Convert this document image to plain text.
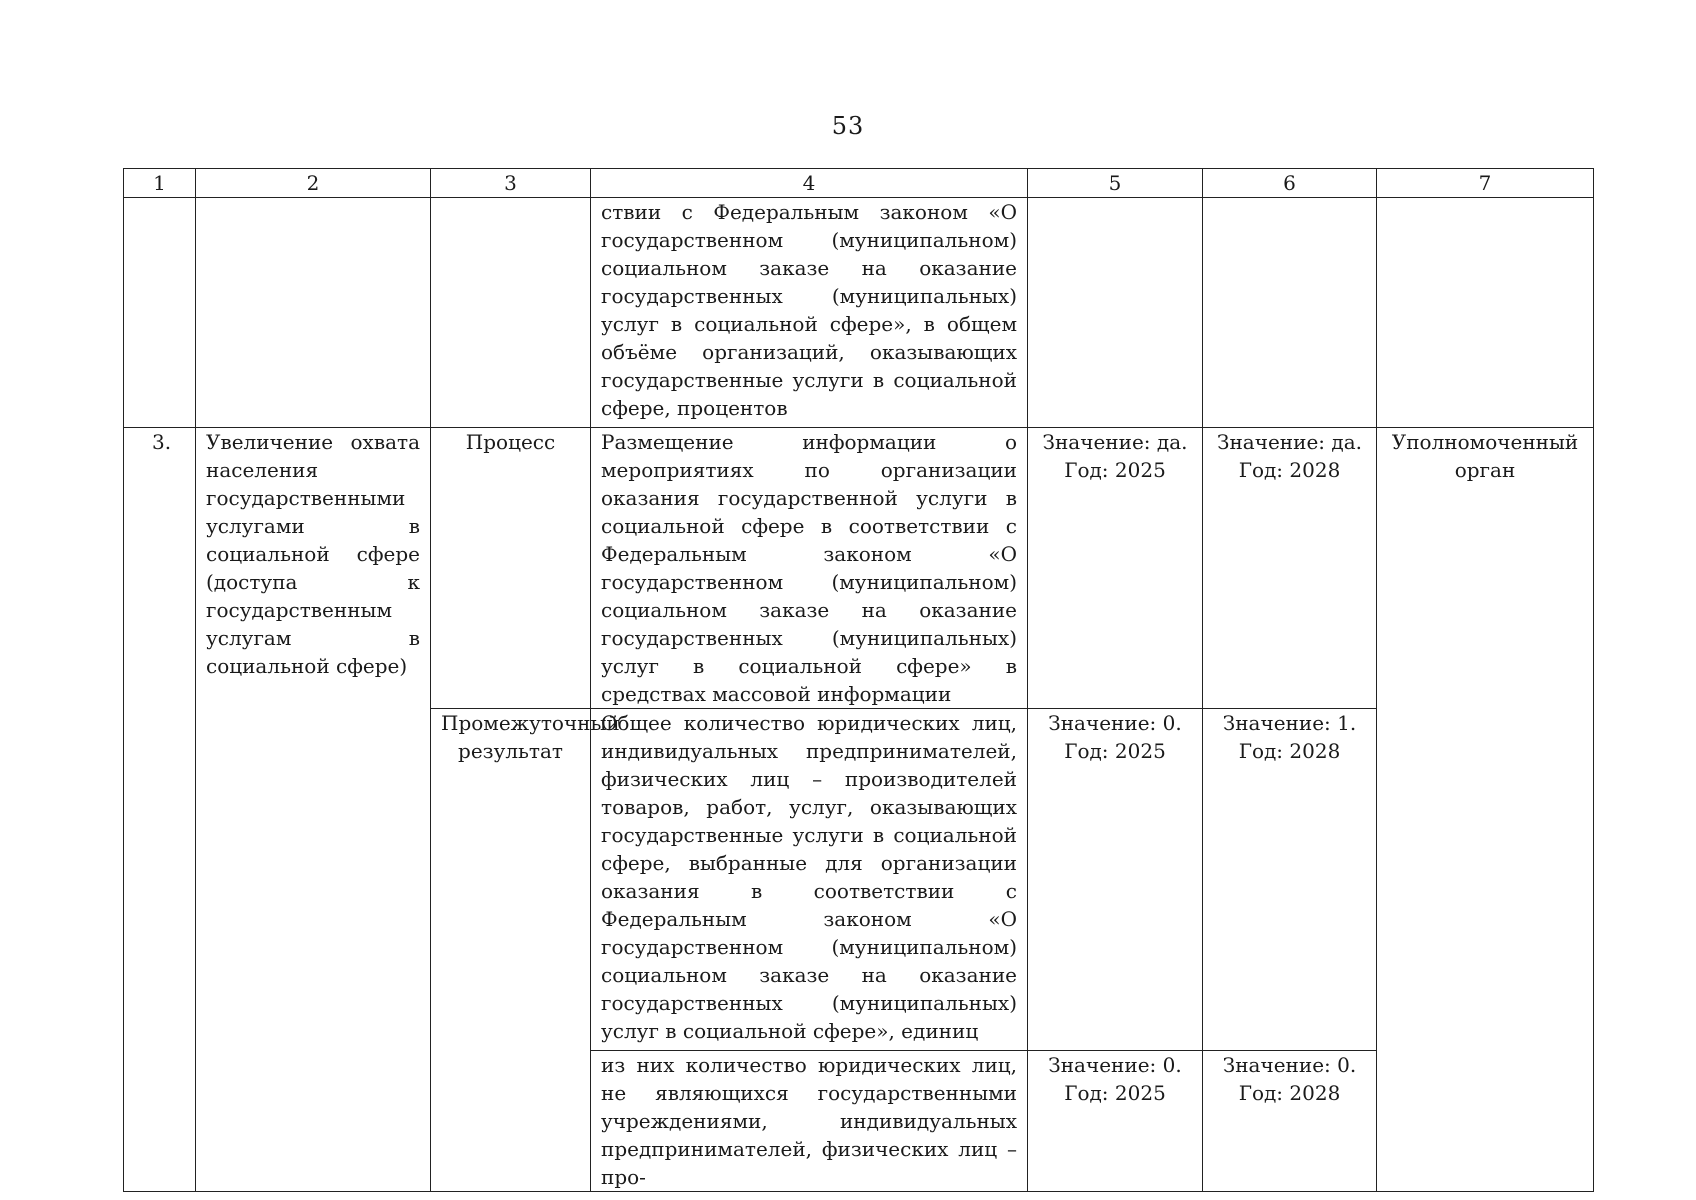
53
1	2	3	4	5	6	7
			ствии с Федеральным законом «О государственном (муниципальном) социальном заказе на оказание государственных (муниципальных) услуг в социальной сфере», в общем объёме организаций, оказывающих государственные услуги в социальной сфере, процентов			
3.	Увеличение охвата населения государственными услугами в социальной сфере (доступа к государственным услугам в социальной сфере)	Процесс	Размещение информации о мероприятиях по организации оказания государственной услуги в социальной сфере в соответствии с Федеральным законом «О государственном (муниципальном) социальном заказе на оказание государственных (муниципальных) услуг в социальной сфере» в средствах массовой информации	Значение: да. Год: 2025	Значение: да. Год: 2028	Уполномоченный орган
		Промежуточный результат	Общее количество юридических лиц, индивидуальных предпринимателей, физических лиц – производителей товаров, работ, услуг, оказывающих государственные услуги в социальной сфере, выбранные для организации оказания в соответствии с Федеральным законом «О государственном (муниципальном) социальном заказе на оказание государственных (муниципальных) услуг в социальной сфере», единиц	Значение: 0. Год: 2025	Значение: 1. Год: 2028	
			из них количество юридических лиц, не являющихся государственными учреждениями, индивидуальных предпринимателей, физических лиц – про-	Значение: 0. Год: 2025	Значение: 0. Год: 2028	
